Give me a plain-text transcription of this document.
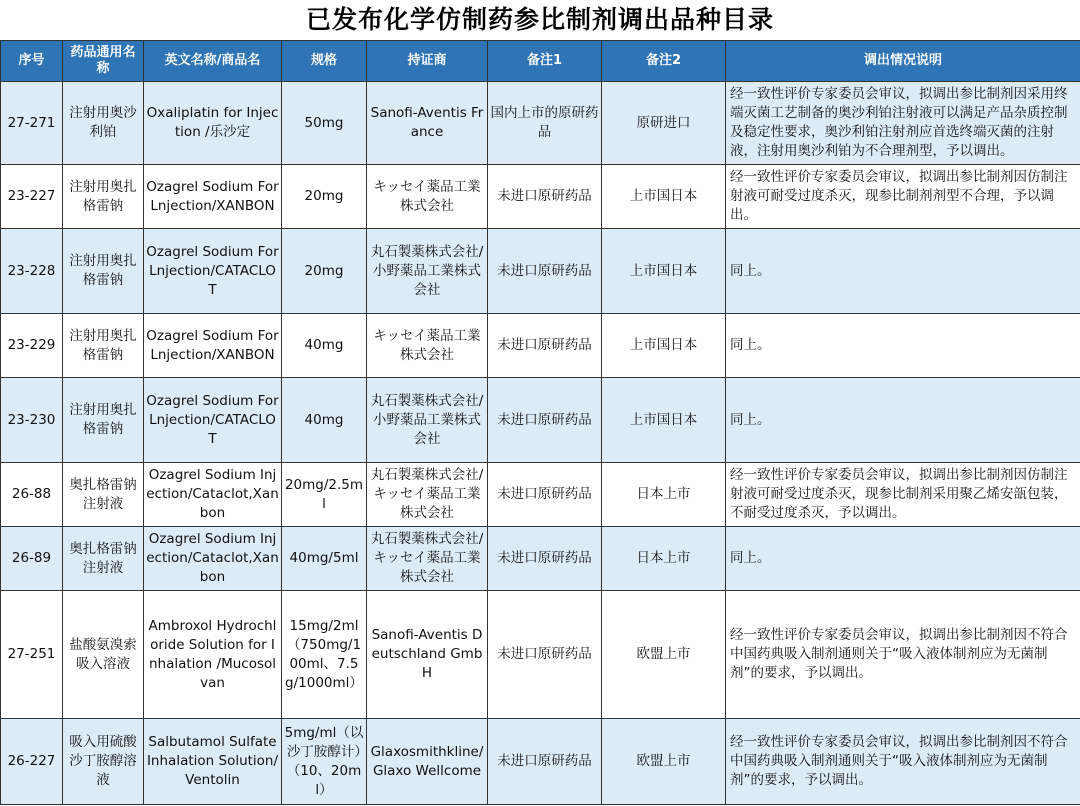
已发布化学仿制药参比制剂调出品种目录
序号	药品通用名称	英文名称/商品名	规格	持证商	备注1	备注2	调出情况说明
27-271	注射用奥沙利铂	Oxaliplatin for Injection /乐沙定	50mg	Sanofi-Aventis France	国内上市的原研药品	原研进口	经一致性评价专家委员会审议，拟调出参比制剂因采用终端灭菌工艺制备的奥沙利铂注射液可以满足产品杂质控制及稳定性要求，奥沙利铂注射剂应首选终端灭菌的注射液，注射用奥沙利铂为不合理剂型，予以调出。
23-227	注射用奥扎格雷钠	Ozagrel Sodium For Lnjection/XANBON	20mg	キッセイ薬品工業株式会社	未进口原研药品	上市国日本	经一致性评价专家委员会审议，拟调出参比制剂因仿制注射液可耐受过度杀灭，现参比制剂剂型不合理，予以调出。
23-228	注射用奥扎格雷钠	Ozagrel Sodium For Lnjection/CATACLOT	20mg	丸石製薬株式会社/小野薬品工業株式会社	未进口原研药品	上市国日本	同上。
23-229	注射用奥扎格雷钠	Ozagrel Sodium For Lnjection/XANBON	40mg	キッセイ薬品工業株式会社	未进口原研药品	上市国日本	同上。
23-230	注射用奥扎格雷钠	Ozagrel Sodium For Lnjection/CATACLOT	40mg	丸石製薬株式会社/小野薬品工業株式会社	未进口原研药品	上市国日本	同上。
26-88	奥扎格雷钠注射液	Ozagrel Sodium Injection/Cataclot,Xanbon	20mg/2.5ml	丸石製薬株式会社/キッセイ薬品工業株式会社	未进口原研药品	日本上市	经一致性评价专家委员会审议，拟调出参比制剂因仿制注射液可耐受过度杀灭，现参比制剂采用聚乙烯安瓿包装，不耐受过度杀灭，予以调出。
26-89	奥扎格雷钠注射液	Ozagrel Sodium Injection/Cataclot,Xanbon	40mg/5ml	丸石製薬株式会社/キッセイ薬品工業株式会社	未进口原研药品	日本上市	同上。
27-251	盐酸氨溴索吸入溶液	Ambroxol Hydrochloride Solution for Inhalation /Mucosolvan	15mg/2ml（750mg/100ml、7.5g/1000ml）	Sanofi-Aventis Deutschland GmbH	未进口原研药品	欧盟上市	经一致性评价专家委员会审议，拟调出参比制剂因不符合中国药典吸入制剂通则关于“吸入液体制剂应为无菌制剂”的要求，予以调出。
26-227	吸入用硫酸沙丁胺醇溶液	Salbutamol Sulfate Inhalation Solution/Ventolin	5mg/ml（以沙丁胺醇计）（10、20ml）	Glaxosmithkline/Glaxo Wellcome	未进口原研药品	欧盟上市	经一致性评价专家委员会审议，拟调出参比制剂因不符合中国药典吸入制剂通则关于“吸入液体制剂应为无菌制剂”的要求，予以调出。
